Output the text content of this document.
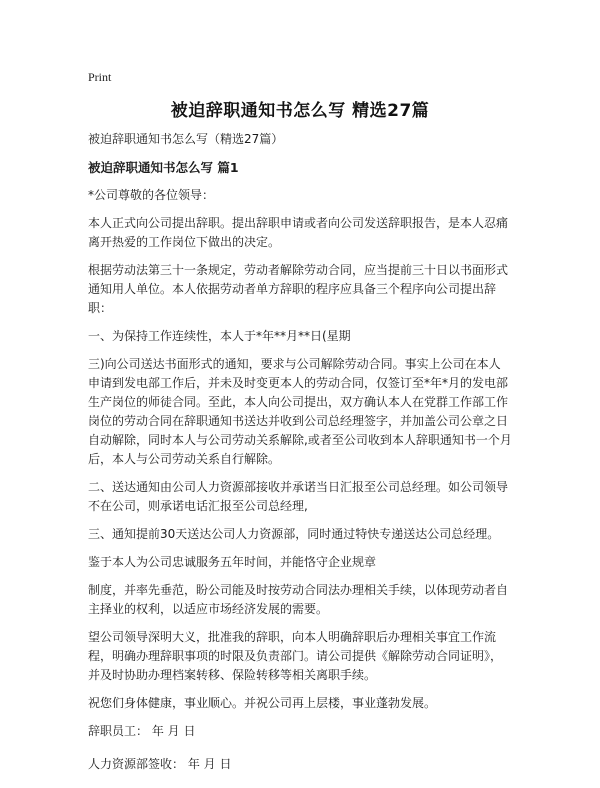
Print
被迫辞职通知书怎么写 精选27篇

被迫辞职通知书怎么写（精选27篇）

被迫辞职通知书怎么写 篇1

*公司尊敬的各位领导：

本人正式向公司提出辞职。提出辞职申请或者向公司发送辞职报告，是本人忍痛离开热爱的工作岗位下做出的决定。

根据劳动法第三十一条规定，劳动者解除劳动合同，应当提前三十日以书面形式通知用人单位。本人依据劳动者单方辞职的程序应具备三个程序向公司提出辞职：

一、为保持工作连续性，本人于*年**月**日(星期

三)向公司送达书面形式的通知，要求与公司解除劳动合同。事实上公司在本人申请到发电部工作后，并未及时变更本人的劳动合同，仅签订至*年*月的发电部生产岗位的师徒合同。至此，本人向公司提出，双方确认本人在党群工作部工作岗位的劳动合同在辞职通知书送达并收到公司总经理签字，并加盖公司公章之日自动解除，同时本人与公司劳动关系解除,或者至公司收到本人辞职通知书一个月后，本人与公司劳动关系自行解除。

二、送达通知由公司人力资源部接收并承诺当日汇报至公司总经理。如公司领导不在公司，则承诺电话汇报至公司总经理,

三、通知提前30天送达公司人力资源部，同时通过特快专递送达公司总经理。

鉴于本人为公司忠诚服务五年时间，并能恪守企业规章

制度，并率先垂范，盼公司能及时按劳动合同法办理相关手续，以体现劳动者自主择业的权利，以适应市场经济发展的需要。

望公司领导深明大义，批准我的辞职，向本人明确辞职后办理相关事宜工作流程，明确办理辞职事项的时限及负责部门。请公司提供《解除劳动合同证明》，并及时协助办理档案转移、保险转移等相关离职手续。

祝您们身体健康，事业顺心。并祝公司再上层楼，事业蓬勃发展。

辞职员工： 年 月 日

人力资源部签收： 年 月 日
